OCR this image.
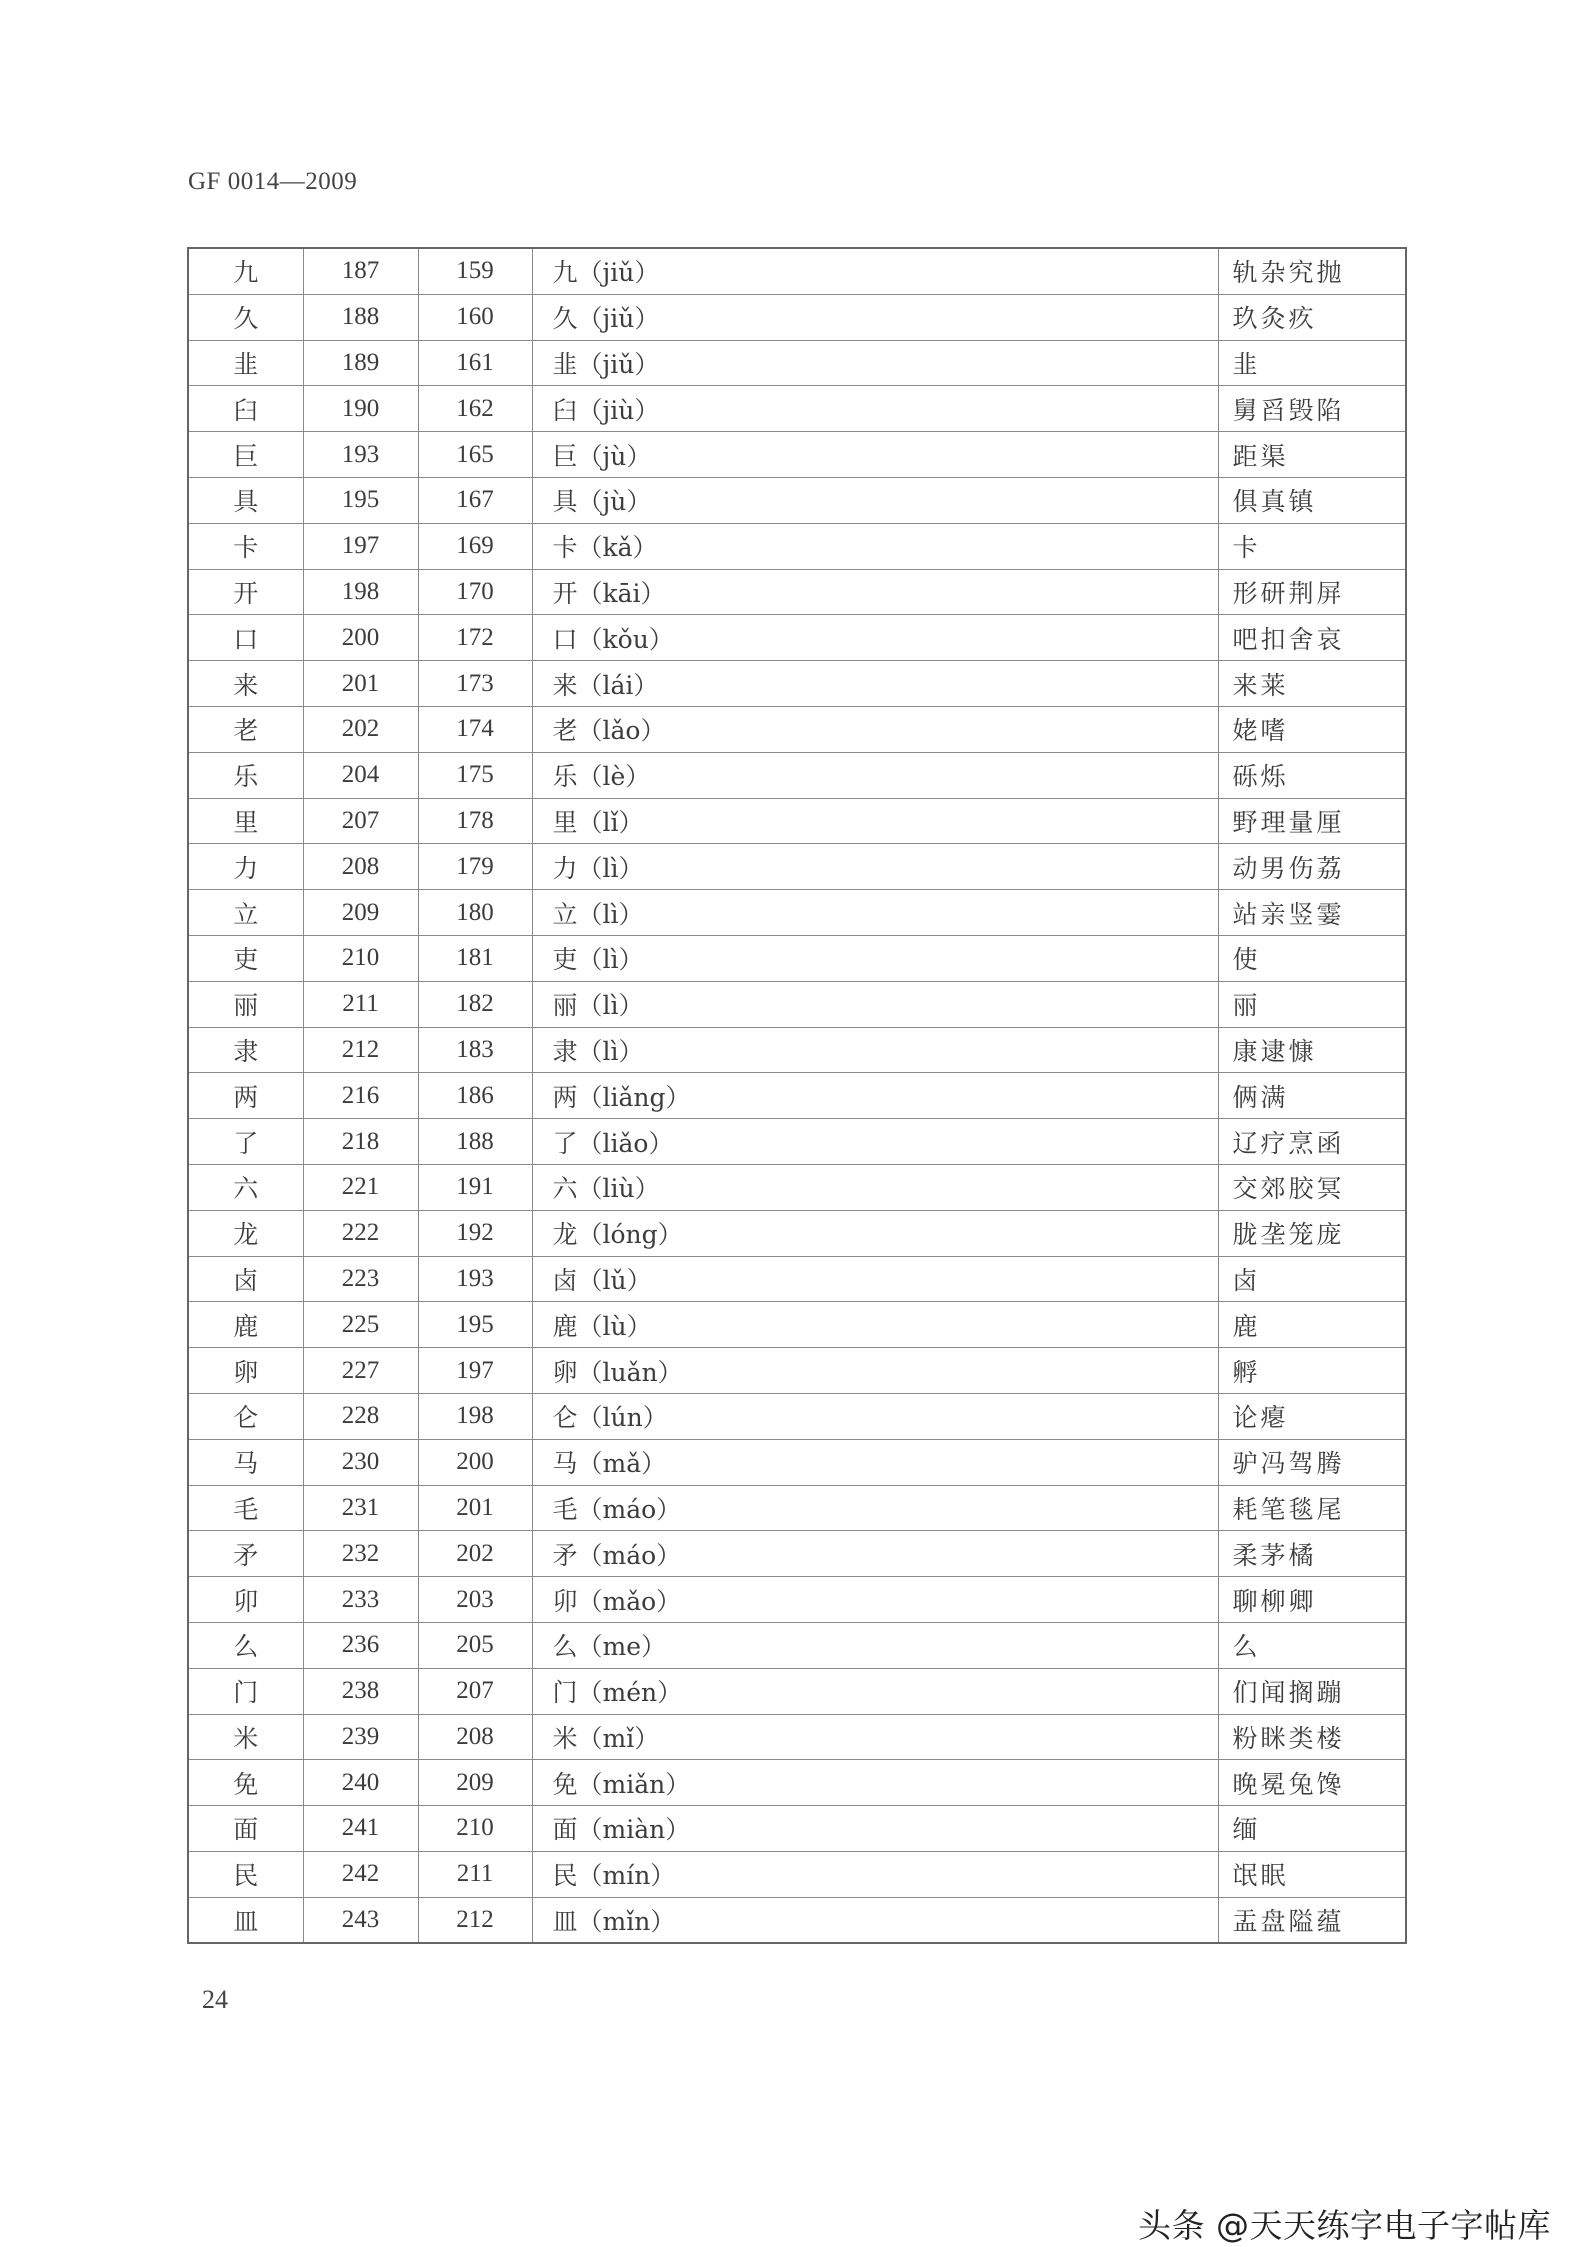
GF 0014—2009
九	187	159	九（jiǔ）	轨杂究抛
久	188	160	久（jiǔ）	玖灸疚
韭	189	161	韭（jiǔ）	韭
臼	190	162	臼（jiù）	舅舀毁陷
巨	193	165	巨（jù）	距渠
具	195	167	具（jù）	俱真镇
卡	197	169	卡（kǎ）	卡
开	198	170	开（kāi）	形研荆屏
口	200	172	口（kǒu）	吧扣舍哀
来	201	173	来（lái）	来莱
老	202	174	老（lǎo）	姥嗜
乐	204	175	乐（lè）	砾烁
里	207	178	里（lǐ）	野理量厘
力	208	179	力（lì）	动男伤荔
立	209	180	立（lì）	站亲竖霎
吏	210	181	吏（lì）	使
丽	211	182	丽（lì）	丽
隶	212	183	隶（lì）	康逮慷
两	216	186	两（liǎng）	俩满
了	218	188	了（liǎo）	辽疗烹函
六	221	191	六（liù）	交郊胶冥
龙	222	192	龙（lóng）	胧垄笼庞
卤	223	193	卤（lǔ）	卤
鹿	225	195	鹿（lù）	鹿
卵	227	197	卵（luǎn）	孵
仑	228	198	仑（lún）	论瘪
马	230	200	马（mǎ）	驴冯驾腾
毛	231	201	毛（máo）	耗笔毯尾
矛	232	202	矛（máo）	柔茅橘
卯	233	203	卯（mǎo）	聊柳卿
么	236	205	么（me）	么
门	238	207	门（mén）	们闻搁蹦
米	239	208	米（mǐ）	粉眯类楼
免	240	209	免（miǎn）	晚冕兔馋
面	241	210	面（miàn）	缅
民	242	211	民（mín）	氓眠
皿	243	212	皿（mǐn）	盂盘隘蕴
24
头条 @天天练字电子字帖库
